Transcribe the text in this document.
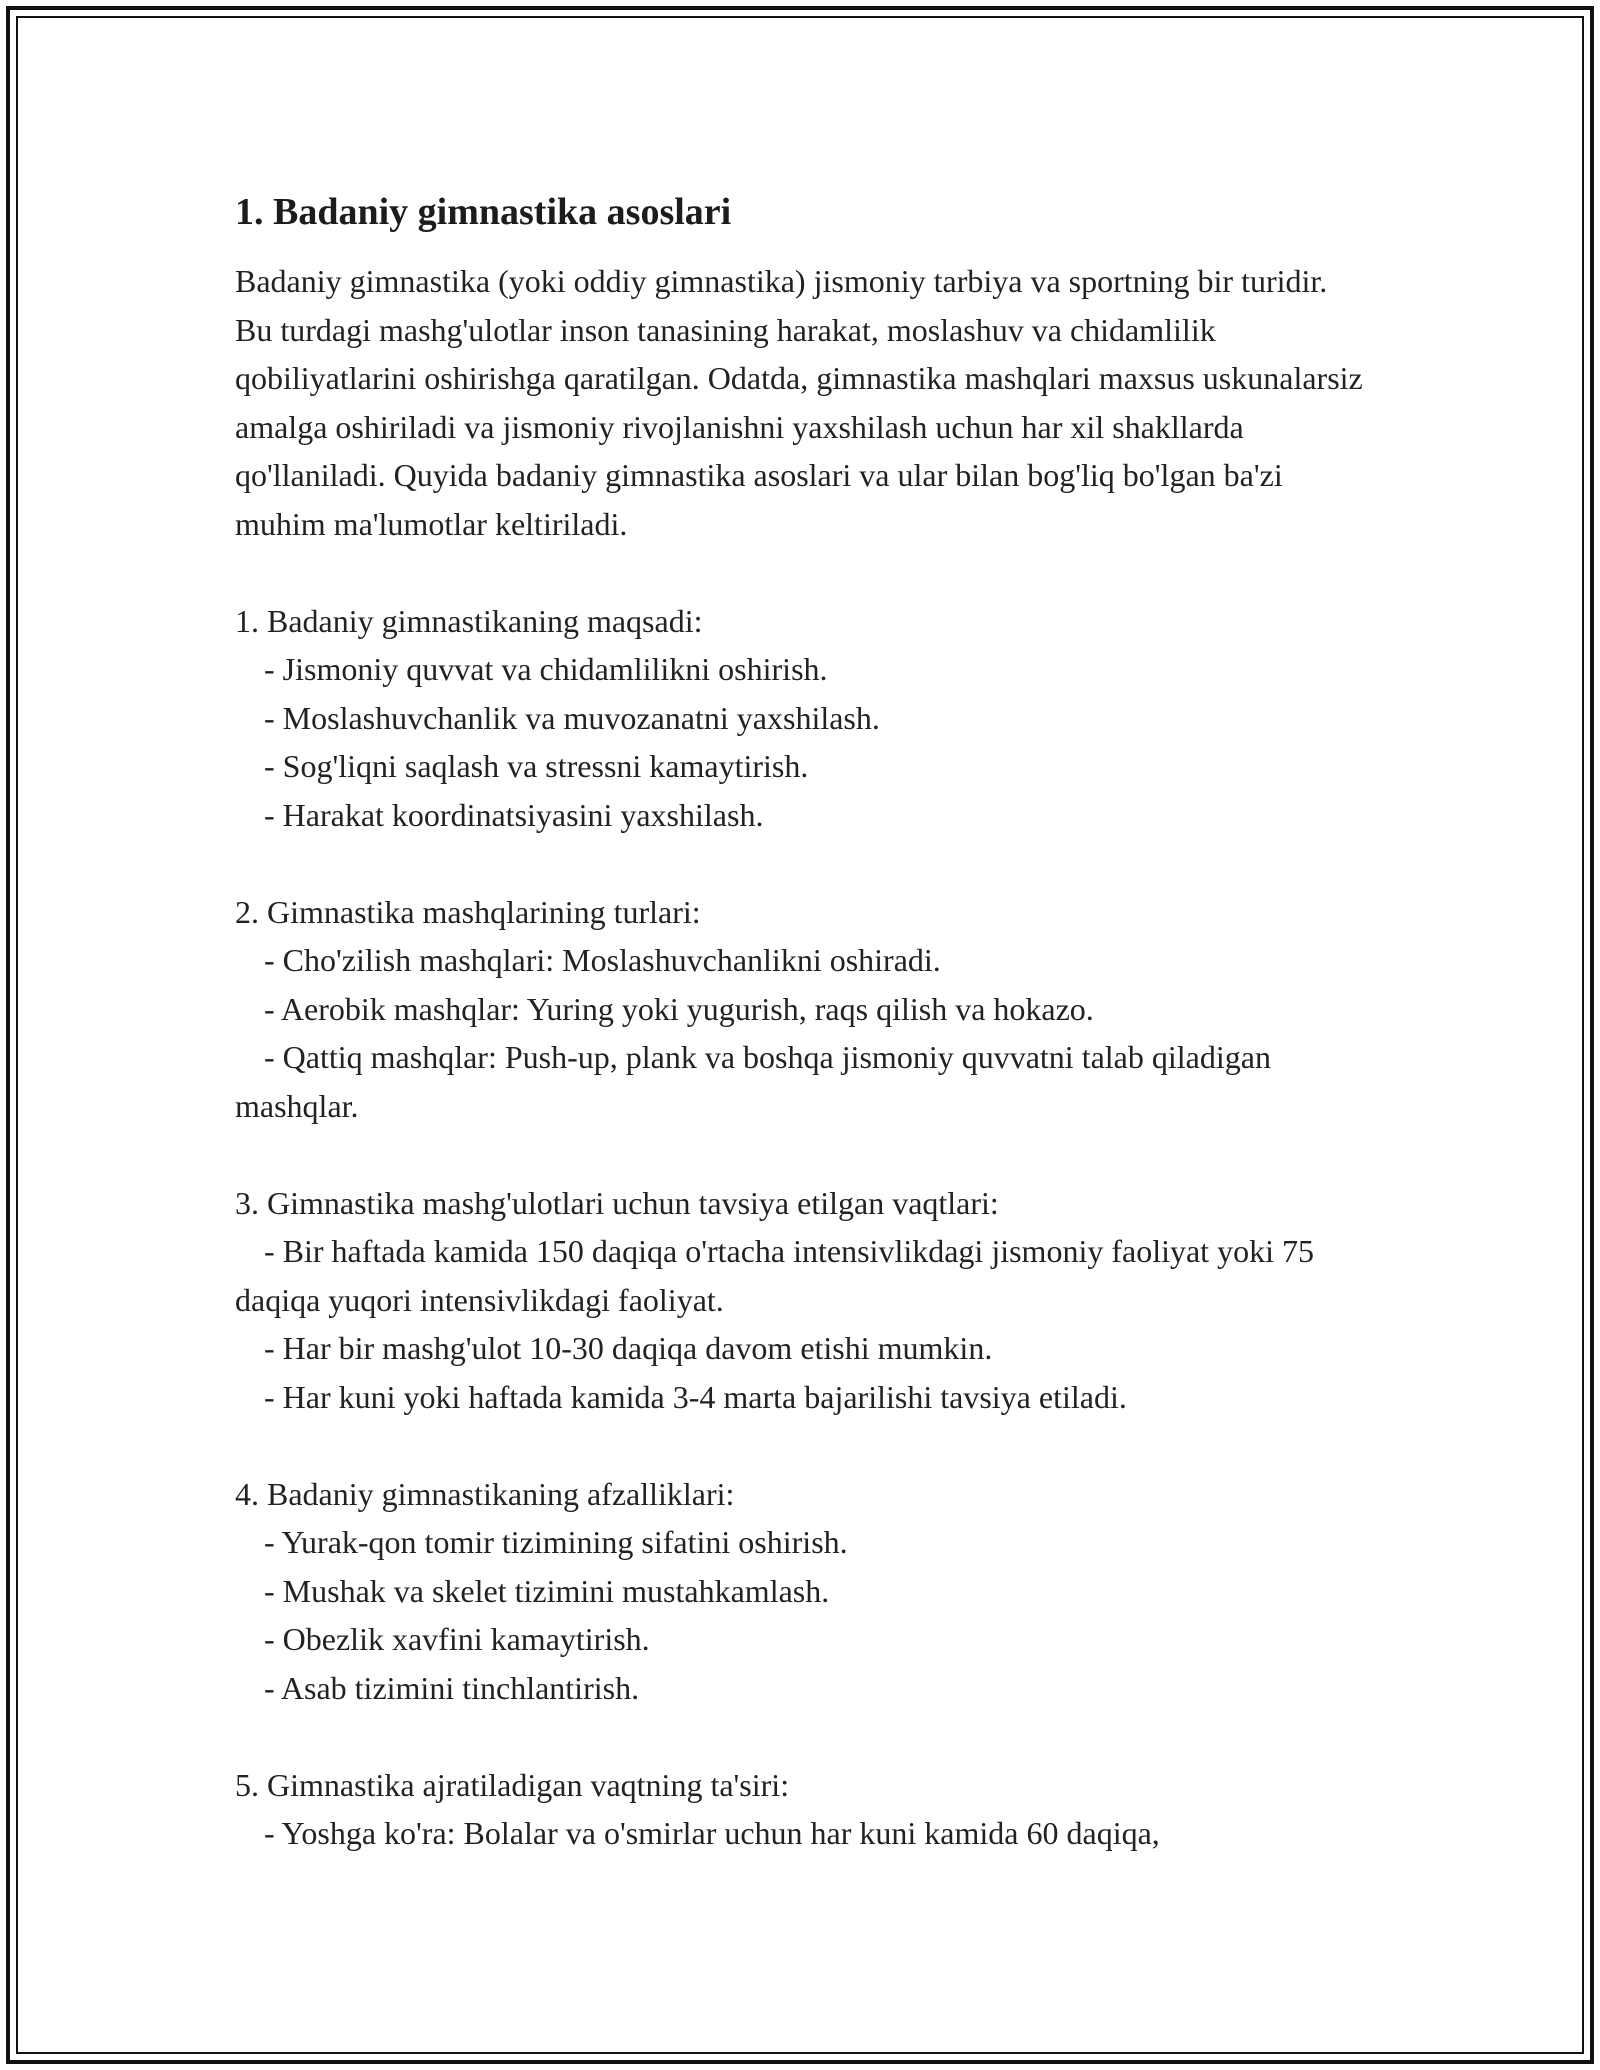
1. Badaniy gimnastika asoslari

Badaniy gimnastika (yoki oddiy gimnastika) jismoniy tarbiya va sportning bir turidir. Bu turdagi mashg'ulotlar inson tanasining harakat, moslashuv va chidamlilik qobiliyatlarini oshirishga qaratilgan. Odatda, gimnastika mashqlari maxsus uskunalarsiz amalga oshiriladi va jismoniy rivojlanishni yaxshilash uchun har xil shakllarda qo'llaniladi. Quyida badaniy gimnastika asoslari va ular bilan bog'liq bo'lgan ba'zi muhim ma'lumotlar keltiriladi.

1. Badaniy gimnastikaning maqsadi:
- Jismoniy quvvat va chidamlilikni oshirish.
- Moslashuvchanlik va muvozanatni yaxshilash.
- Sog'liqni saqlash va stressni kamaytirish.
- Harakat koordinatsiyasini yaxshilash.
2. Gimnastika mashqlarining turlari:
- Cho'zilish mashqlari: Moslashuvchanlikni oshiradi.
- Aerobik mashqlar: Yuring yoki yugurish, raqs qilish va hokazo.
- Qattiq mashqlar: Push-up, plank va boshqa jismoniy quvvatni talab qiladigan mashqlar.
3. Gimnastika mashg'ulotlari uchun tavsiya etilgan vaqtlari:
- Bir haftada kamida 150 daqiqa o'rtacha intensivlikdagi jismoniy faoliyat yoki 75 daqiqa yuqori intensivlikdagi faoliyat.
- Har bir mashg'ulot 10-30 daqiqa davom etishi mumkin.
- Har kuni yoki haftada kamida 3-4 marta bajarilishi tavsiya etiladi.
4. Badaniy gimnastikaning afzalliklari:
- Yurak-qon tomir tizimining sifatini oshirish.
- Mushak va skelet tizimini mustahkamlash.
- Obezlik xavfini kamaytirish.
- Asab tizimini tinchlantirish.
5. Gimnastika ajratiladigan vaqtning ta'siri:
- Yoshga ko'ra: Bolalar va o'smirlar uchun har kuni kamida 60 daqiqa,
